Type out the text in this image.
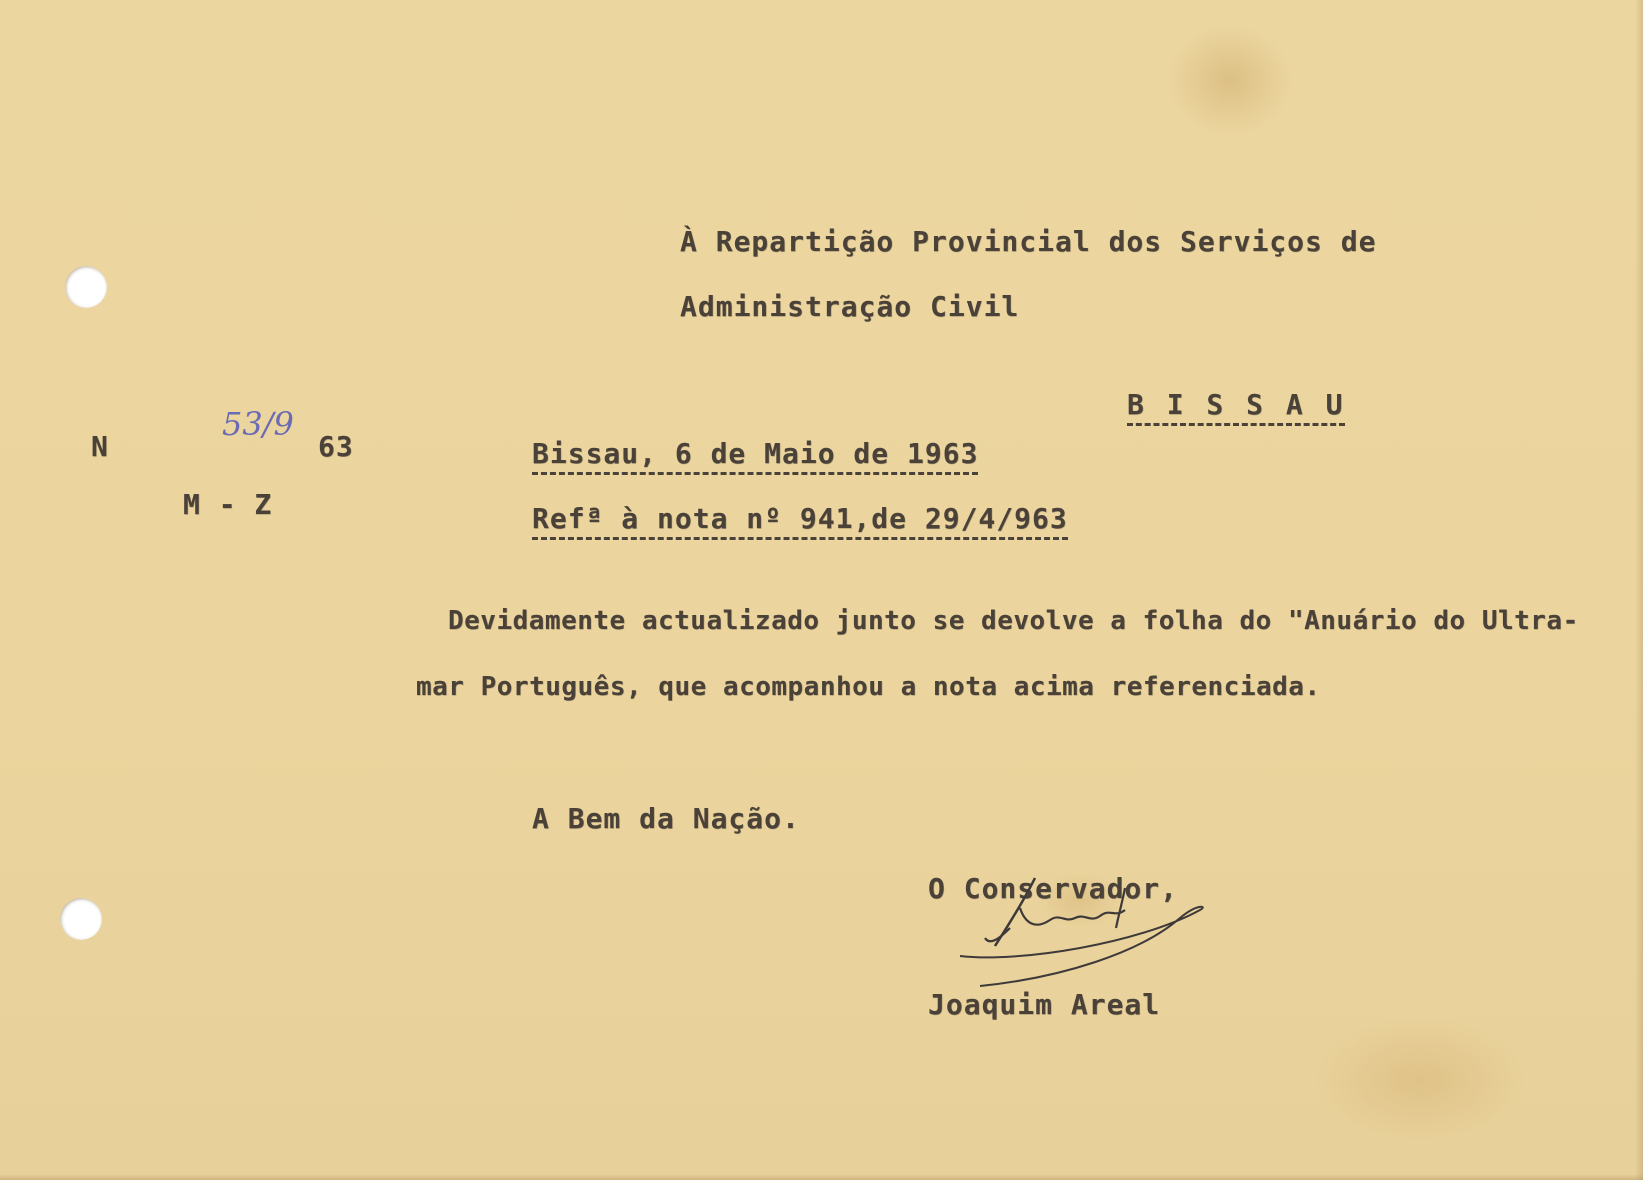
À Repartição Provincial dos Serviços de
Administração Civil
B I S S A U
N
53/9
63
M - Z
Bissau, 6 de Maio de 1963
Refª à nota nº 941,de 29/4/963
Devidamente actualizado junto se devolve a folha do "Anuário do Ultra-
mar Português, que acompanhou a nota acima referenciada.
A Bem da Nação.
O Conservador,
Joaquim Areal
